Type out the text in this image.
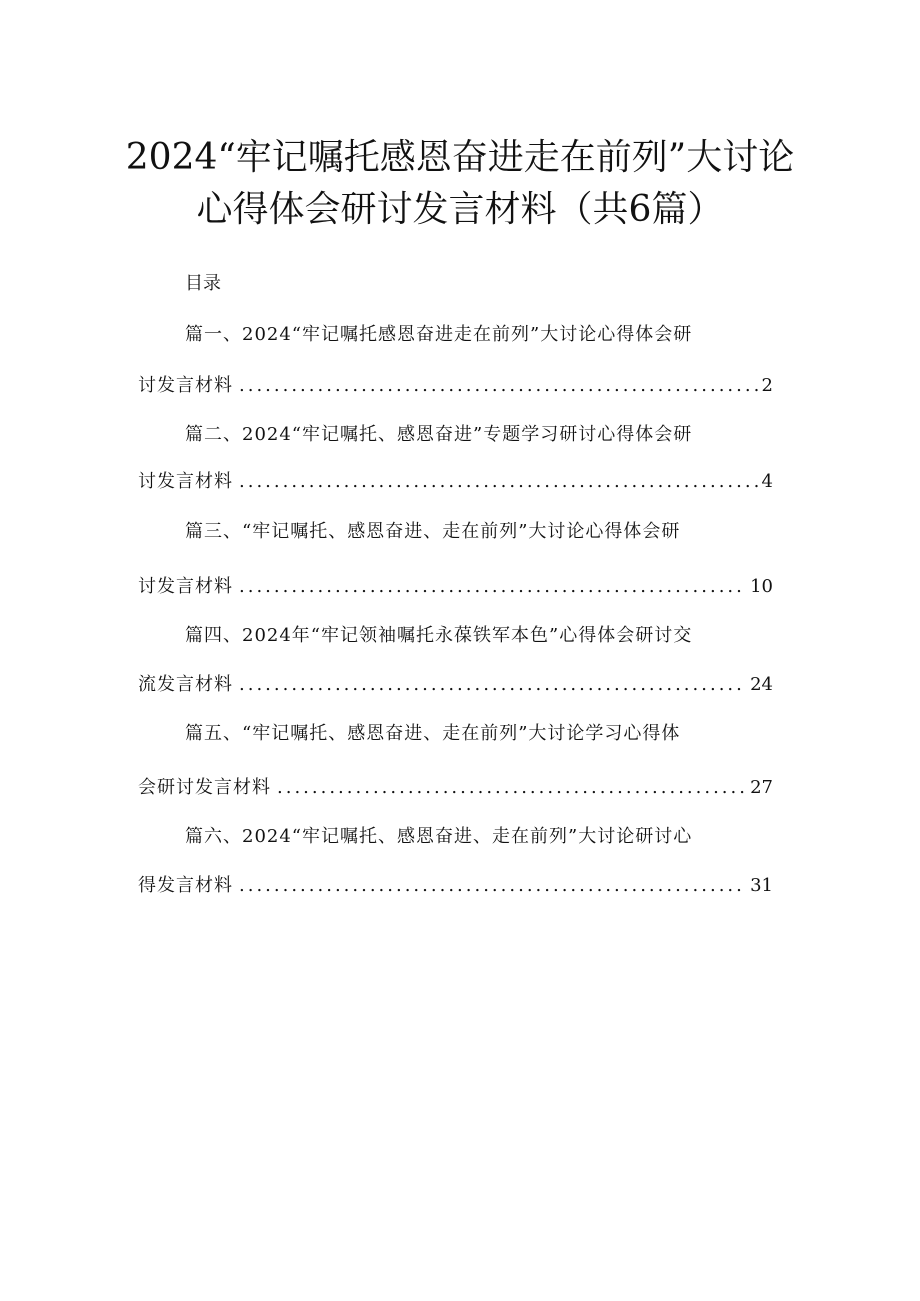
2024“牢记嘱托感恩奋进走在前列”大讨论
心得体会研讨发言材料（共6篇）
目录
篇一、2024“牢记嘱托感恩奋进走在前列”大讨论心得体会研
讨发言材料 .....	2
篇二、2024“牢记嘱托、感恩奋进”专题学习研讨心得体会研
讨发言材料 .....	4
篇三、“牢记嘱托、感恩奋进、走在前列”大讨论心得体会研
讨发言材料 .....	10
篇四、2024年“牢记领袖嘱托永葆铁军本色”心得体会研讨交
流发言材料 .....	24
篇五、“牢记嘱托、感恩奋进、走在前列”大讨论学习心得体
会研讨发言材料 .....	27
篇六、2024“牢记嘱托、感恩奋进、走在前列”大讨论研讨心
得发言材料 .....	31
